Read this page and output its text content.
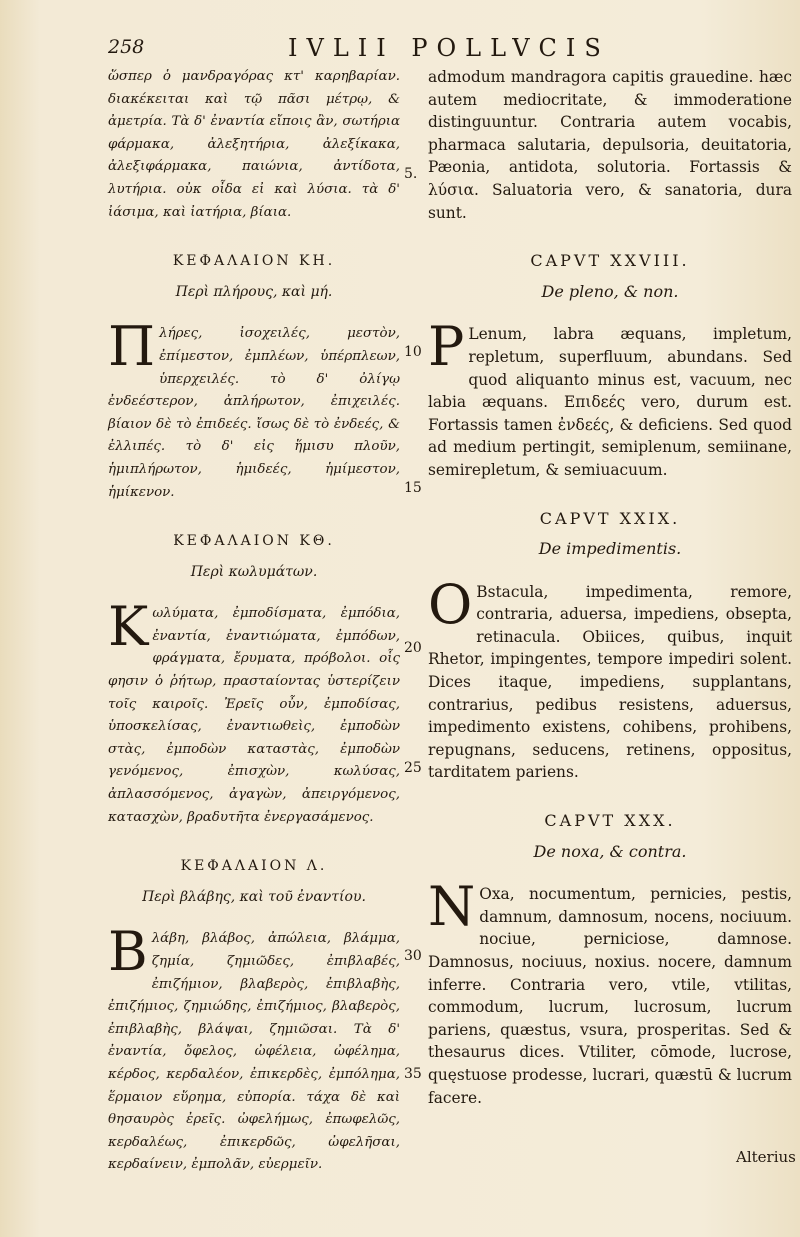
258	IVLII POLLVCIS

ὥσπερ ὁ μανδραγόρας κτ' καρηβαρίαν. διακέκειται καὶ τῷ πᾶσι μέτρῳ, & ἀμετρία. Τὰ δ' ἐναντία εἴποις ἂν, σωτήρια φάρμακα, ἀλεξητήρια, ἀλεξίκακα, ἀλεξιφάρμακα, παιώνια, ἀντίδοτα, λυτήρια. οὐκ οἶδα εἰ καὶ λύσια. τὰ δ' ἰάσιμα, καὶ ἰατήρια, βίαια.

ΚΕΦΑΛΑΙΟΝ ΚΗ.

Περὶ πλήρους, καὶ μή.

Πλήρες, ἰσοχειλές, μεστὸν, ἐπίμεστον, ἐμπλέων, ὑπέρπλεων, ὑπερχειλές. τὸ δ' ὀλίγῳ ἐνδεέστερον, ἀπλήρωτον, ἐπιχειλές. βίαιον δὲ τὸ ἐπιδεές. ἴσως δὲ τὸ ἐνδεές, & ἐλλιπές. τὸ δ' εἰς ἥμισυ πλοῦν, ἡμιπλήρωτον, ἡμιδεές, ἡμίμεστον, ἡμίκενον.

ΚΕΦΑΛΑΙΟΝ ΚΘ.

Περὶ κωλυμάτων.

Κωλύματα, ἐμποδίσματα, ἐμπόδια, ἐναντία, ἐναντιώματα, ἐμπόδων, φράγματα, ἔρυματα, πρόβολοι. οἷς φησιν ὁ ῥήτωρ, πρασταίοντας ὑστερίζειν τοῖς καιροῖς. Ἐρεῖς οὖν, ἐμποδίσας, ὑποσκελίσας, ἐναντιωθεὶς, ἐμποδὼν στὰς, ἐμποδὼν καταστὰς, ἐμποδὼν γενόμενος, ἐπισχὼν, κωλύσας, ἀπλασσόμενος, ἀγαγὼν, ἀπειργόμενος, κατασχὼν, βραδυτῆτα ἐνεργασάμενος.

ΚΕΦΑΛΑΙΟΝ Λ.

Περὶ βλάβης, καὶ τοῦ ἐναντίου.

Βλάβη, βλάβος, ἀπώλεια, βλάμμα, ζημία, ζημιῶδες, ἐπιβλαβές, ἐπιζήμιον, βλαβερὸς, ἐπιβλαβὴς, ἐπιζήμιος, ζημιώδης, ἐπιζήμιος, βλαβερὸς, ἐπιβλαβὴς, βλάψαι, ζημιῶσαι. Τὰ δ' ἐναντία, ὄφελος, ὠφέλεια, ὠφέλημα, κέρδος, κερδαλέον, ἐπικερδὲς, ἐμπόλημα, ἕρμαιον εὕρημα, εὐπορία. τάχα δὲ καὶ θησαυρὸς ἐρεῖς. ὠφελήμως, ἐπωφελῶς, κερδαλέως, ἐπικερδῶς, ὠφελῆσαι, κερδαίνειν, ἐμπολᾶν, εὐερμεῖν.

5.
10
15
20
25
30
35

admodum mandragora capitis grauedine. hæc autem mediocritate, & immoderatione distinguuntur. Contraria autem vocabis, pharmaca salutaria, depulsoria, deuitatoria, Pæonia, antidota, solutoria. Fortassis & λύσια. Saluatoria vero, & sanatoria, dura sunt.

CAPVT XXVIII.

De pleno, & non.

P Lenum, labra æquans, impletum, repletum, superfluum, abundans. Sed quod aliquanto minus est, vacuum, nec labia æquans. Eπιδεές vero, durum est. Fortassis tamen ἐνδεές, & deficiens. Sed quod ad medium pertingit, semiplenum, semiinane, semirepletum, & semiuacuum.

CAPVT XXIX.

De impedimentis.

O Bstacula, impedimenta, remore, contraria, aduersa, impediens, obsepta, retinacula. Obiices, quibus, inquit Rhetor, impingentes, tempore impediri solent. Dices itaque, impediens, supplantans, contrarius, pedibus resistens, aduersus, impedimento existens, cohibens, prohibens, repugnans, seducens, retinens, oppositus, tarditatem pariens.

CAPVT XXX.

De noxa, & contra.

N Oxa, nocumentum, pernicies, pestis, damnum, damnosum, nocens, nociuum. nociue, perniciose, damnose. Damnosus, nociuus, noxius. nocere, damnum inferre. Contraria vero, vtile, vtilitas, commodum, lucrum, lucrosum, lucrum pariens, quæstus, vsura, prosperitas. Sed & thesaurus dices. Vtiliter, cōmode, lucrose, quęstuose prodesse, lucrari, quæstū & lucrum facere.

Alterius
